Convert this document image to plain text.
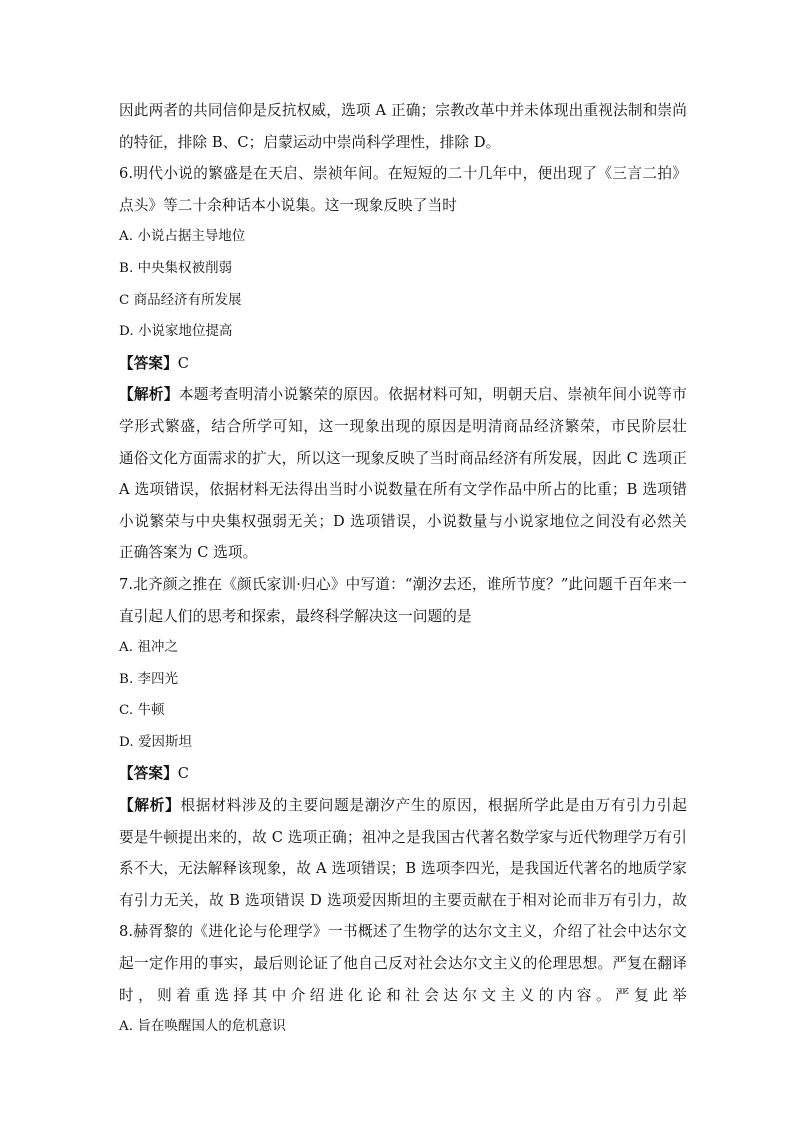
因此两者的共同信仰是反抗权威，选项 A 正确；宗教改革中并未体现出重视法制和崇尚
的特征，排除 B、C；启蒙运动中崇尚科学理性，排除 D。
6.明代小说的繁盛是在天启、崇祯年间。在短短的二十几年中，便出现了《三言二拍》
点头》等二十余种话本小说集。这一现象反映了当时
A. 小说占据主导地位
B. 中央集权被削弱
C 商品经济有所发展
D. 小说家地位提高
【答案】C
【解析】本题考查明清小说繁荣的原因。依据材料可知，明朝天启、崇祯年间小说等市
学形式繁盛，结合所学可知，这一现象出现的原因是明清商品经济繁荣，市民阶层壮
通俗文化方面需求的扩大，所以这一现象反映了当时商品经济有所发展，因此 C 选项正
A 选项错误，依据材料无法得出当时小说数量在所有文学作品中所占的比重；B 选项错
小说繁荣与中央集权强弱无关；D 选项错误，小说数量与小说家地位之间没有必然关
正确答案为 C 选项。
7.北齐颜之推在《颜氏家训·归心》中写道：“潮汐去还，谁所节度？”此问题千百年来一
直引起人们的思考和探索，最终科学解决这一问题的是
A. 祖冲之
B. 李四光
C. 牛顿
D. 爱因斯坦
【答案】C
【解析】根据材料涉及的主要问题是潮汐产生的原因，根据所学此是由万有引力引起
要是牛顿提出来的，故 C 选项正确；祖冲之是我国古代著名数学家与近代物理学万有引
系不大，无法解释该现象，故 A 选项错误；B 选项李四光，是我国近代著名的地质学家
有引力无关，故 B 选项错误 D 选项爱因斯坦的主要贡献在于相对论而非万有引力，故
8.赫胥黎的《进化论与伦理学》一书概述了生物学的达尔文主义，介绍了社会中达尔文
起一定作用的事实，最后则论证了他自己反对社会达尔文主义的伦理思想。严复在翻译
时，则着重选择其中介绍进化论和社会达尔文主义的内容。严复此举
A. 旨在唤醒国人的危机意识
